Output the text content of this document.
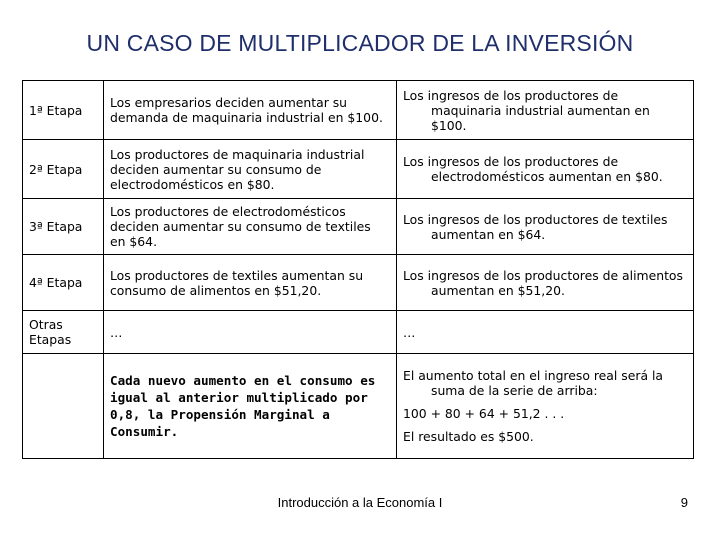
UN CASO DE MULTIPLICADOR DE LA INVERSIÓN
1ª Etapa	Los empresarios deciden aumentar su demanda de maquinaria industrial en $100.	Los ingresos de los productores de maquinaria industrial aumentan en $100.

2ª Etapa	Los productores de maquinaria industrial deciden aumentar su consumo de electrodomésticos en $80.	Los ingresos de los productores de electrodomésticos aumentan en $80.

3ª Etapa	Los productores de electrodomésticos deciden aumentar su consumo de textiles en $64.	Los ingresos de los productores de textiles aumentan en $64.

4ª Etapa	Los productores de textiles aumentan su consumo de alimentos en $51,20.	Los ingresos de los productores de alimentos aumentan en $51,20.

Otras Etapas	…	…
	Cada nuevo aumento en el consumo es igual al anterior multiplicado por 0,8, la Propensión Marginal a Consumir.	El aumento total en el ingreso real será la suma de la serie de arriba:
100 + 80 + 64 + 51,2 . . .
El resultado es $500.
Introducción a la Economía I	9
